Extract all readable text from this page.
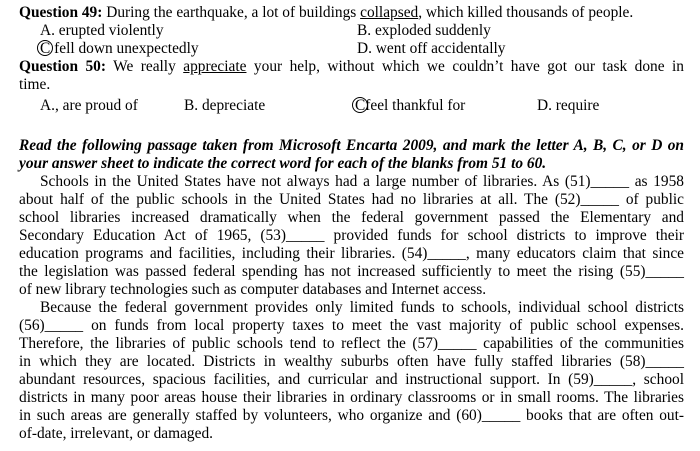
Question 49: During the earthquake, a lot of buildings collapsed, which killed thousands of people.
A. erupted violently	B. exploded suddenly
C fell down unexpectedly	D. went off accidentally
Question 50: We really appreciate your help, without which we couldn’t have got our task done in
time.
A., are proud of	B. depreciate	Cfeel thankful for	D. require
Read the following passage taken from Microsoft Encarta 2009, and mark the letter A, B, C, or D on
your answer sheet to indicate the correct word for each of the blanks from 51 to 60.
Schools in the United States have not always had a large number of libraries. As (51)_____ as 1958
about half of the public schools in the United States had no libraries at all. The (52)_____ of public
school libraries increased dramatically when the federal government passed the Elementary and
Secondary Education Act of 1965, (53)_____ provided funds for school districts to improve their
education programs and facilities, including their libraries. (54)_____, many educators claim that since
the legislation was passed federal spending has not increased sufficiently to meet the rising (55)_____
of new library technologies such as computer databases and Internet access.
Because the federal government provides only limited funds to schools, individual school districts
(56)_____ on funds from local property taxes to meet the vast majority of public school expenses.
Therefore, the libraries of public schools tend to reflect the (57)_____ capabilities of the communities
in which they are located. Districts in wealthy suburbs often have fully staffed libraries (58)_____
abundant resources, spacious facilities, and curricular and instructional support. In (59)_____, school
districts in many poor areas house their libraries in ordinary classrooms or in small rooms. The libraries
in such areas are generally staffed by volunteers, who organize and (60)_____ books that are often out-
of-date, irrelevant, or damaged.
